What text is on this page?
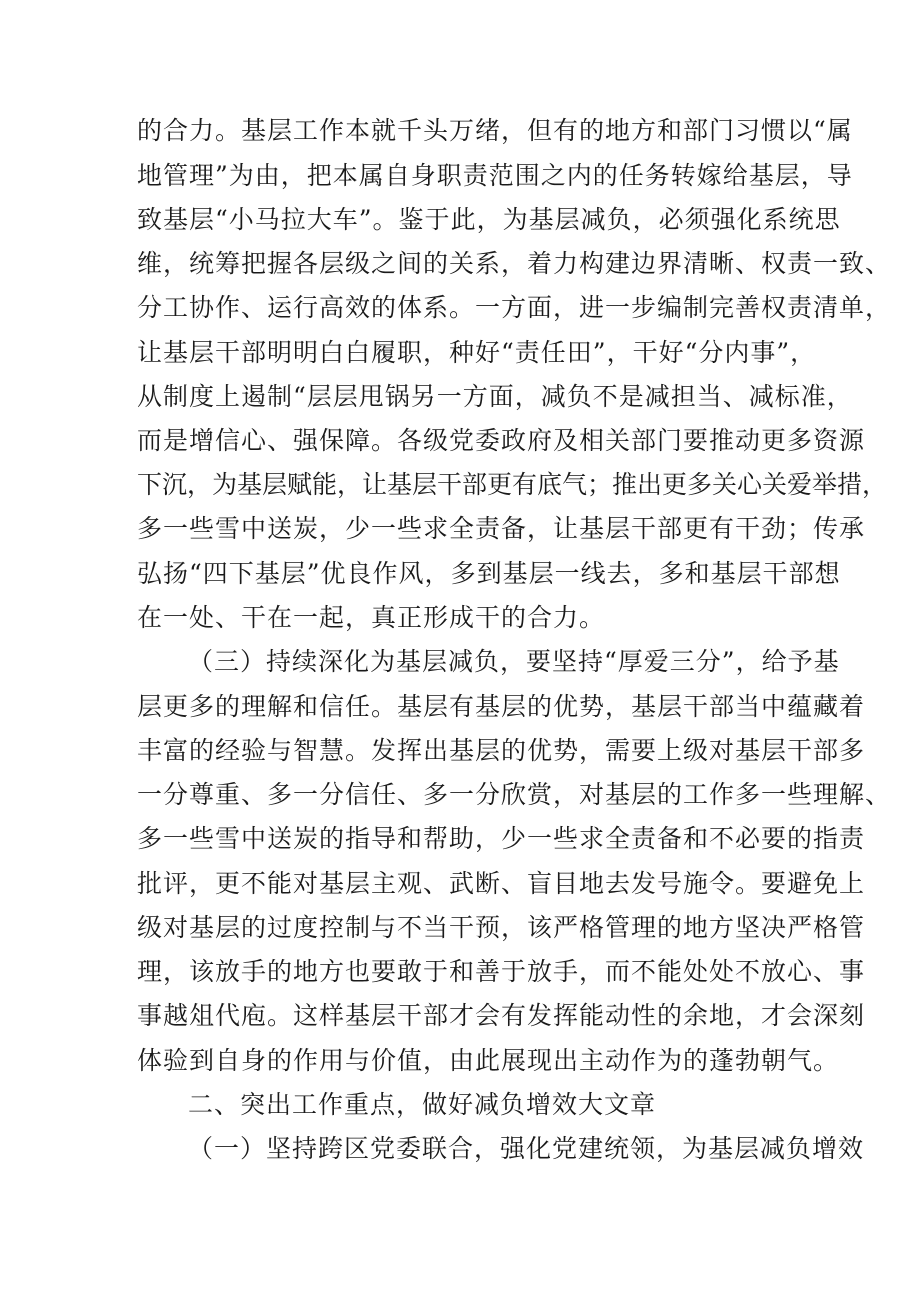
的合力。基层工作本就千头万绪，但有的地方和部门习惯以“属
地管理”为由，把本属自身职责范围之内的任务转嫁给基层，导
致基层“小马拉大车”。鉴于此，为基层减负，必须强化系统思
维，统筹把握各层级之间的关系，着力构建边界清晰、权责一致、
分工协作、运行高效的体系。一方面，进一步编制完善权责清单，
让基层干部明明白白履职，种好“责任田”，干好“分内事”，
从制度上遏制“层层甩锅另一方面，减负不是减担当、减标准，
而是增信心、强保障。各级党委政府及相关部门要推动更多资源
下沉，为基层赋能，让基层干部更有底气；推出更多关心关爱举措，
多一些雪中送炭，少一些求全责备，让基层干部更有干劲；传承
弘扬“四下基层”优良作风，多到基层一线去，多和基层干部想
在一处、干在一起，真正形成干的合力。
（三）持续深化为基层减负，要坚持“厚爱三分”，给予基
层更多的理解和信任。基层有基层的优势，基层干部当中蕴藏着
丰富的经验与智慧。发挥出基层的优势，需要上级对基层干部多
一分尊重、多一分信任、多一分欣赏，对基层的工作多一些理解、
多一些雪中送炭的指导和帮助，少一些求全责备和不必要的指责
批评，更不能对基层主观、武断、盲目地去发号施令。要避免上
级对基层的过度控制与不当干预，该严格管理的地方坚决严格管
理，该放手的地方也要敢于和善于放手，而不能处处不放心、事
事越俎代庖。这样基层干部才会有发挥能动性的余地，才会深刻
体验到自身的作用与价值，由此展现出主动作为的蓬勃朝气。
二、突出工作重点，做好减负增效大文章
（一）坚持跨区党委联合，强化党建统领，为基层减负增效
